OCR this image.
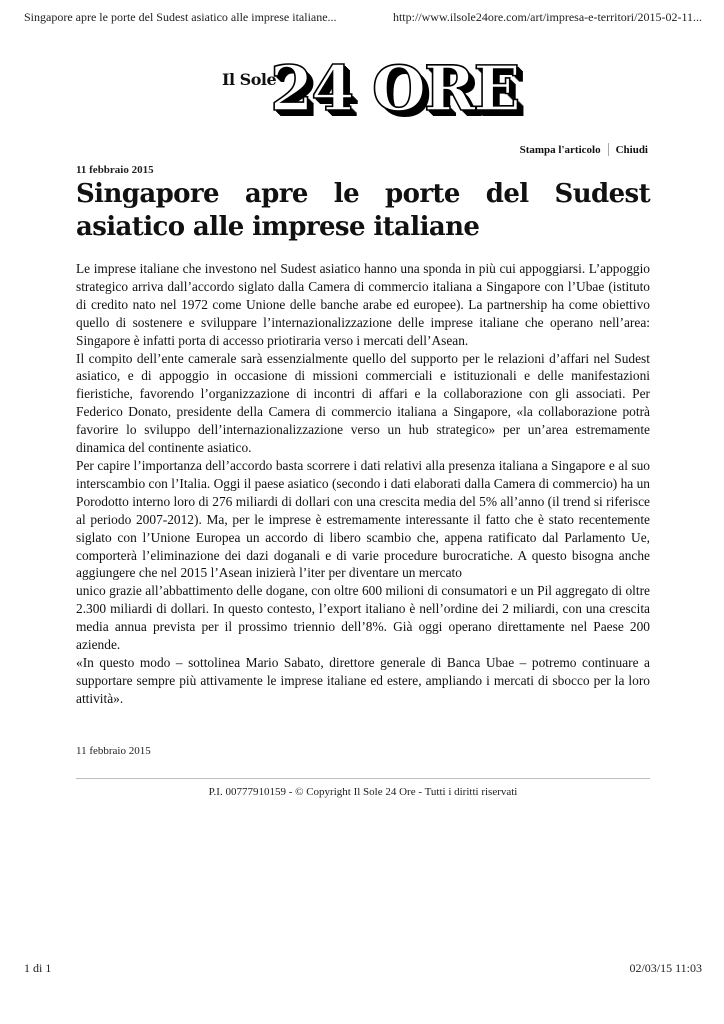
Singapore apre le porte del Sudest asiatico alle imprese italiane...	http://www.ilsole24ore.com/art/impresa-e-territori/2015-02-11...
Il Sole
24 ORE
Stampa l'articolo Chiudi
11 febbraio 2015
Singapore apre le porte del Sudest asiatico alle imprese italiane

Le imprese italiane che investono nel Sudest asiatico hanno una sponda in più cui appoggiarsi. L’appoggio strategico arriva dall’accordo siglato dalla Camera di commercio italiana a Singapore con l’Ubae (istituto di credito nato nel 1972 come Unione delle banche arabe ed europee). La partnership ha come obiettivo quello di sostenere e sviluppare l’internazionalizzazione delle imprese italiane che operano nell’area: Singapore è infatti porta di accesso priotiraria verso i mercati dell’Asean.

Il compito dell’ente camerale sarà essenzialmente quello del supporto per le relazioni d’affari nel Sudest asiatico, e di appoggio in occasione di missioni commerciali e istituzionali e delle manifestazioni fieristiche, favorendo l’organizzazione di incontri di affari e la collaborazione con gli associati. Per Federico Donato, presidente della Camera di commercio italiana a Singapore, «la collaborazione potrà favorire lo sviluppo dell’internazionalizzazione verso un hub strategico» per un’area estremamente dinamica del continente asiatico.

Per capire l’importanza dell’accordo basta scorrere i dati relativi alla presenza italiana a Singapore e al suo interscambio con l’Italia. Oggi il paese asiatico (secondo i dati elaborati dalla Camera di commercio) ha un Porodotto interno loro di 276 miliardi di dollari con una crescita media del 5% all’anno (il trend si riferisce al periodo 2007-2012). Ma, per le imprese è estremamente interessante il fatto che è stato recentemente siglato con l’Unione Europea un accordo di libero scambio che, appena ratificato dal Parlamento Ue, comporterà l’eliminazione dei dazi doganali e di varie procedure burocratiche. A questo bisogna anche aggiungere che nel 2015 l’Asean inizierà l’iter per diventare un mercato

unico grazie all’abbattimento delle dogane, con oltre 600 milioni di consumatori e un Pil aggregato di oltre 2.300 miliardi di dollari. In questo contesto, l’export italiano è nell’ordine dei 2 miliardi, con una crescita media annua prevista per il prossimo triennio dell’8%. Già oggi operano direttamente nel Paese 200 aziende.

«In questo modo – sottolinea Mario Sabato, direttore generale di Banca Ubae – potremo continuare a supportare sempre più attivamente le imprese italiane ed estere, ampliando i mercati di sbocco per la loro attività».

11 febbraio 2015
P.I. 00777910159 - © Copyright Il Sole 24 Ore - Tutti i diritti riservati
1 di 1	02/03/15 11:03
